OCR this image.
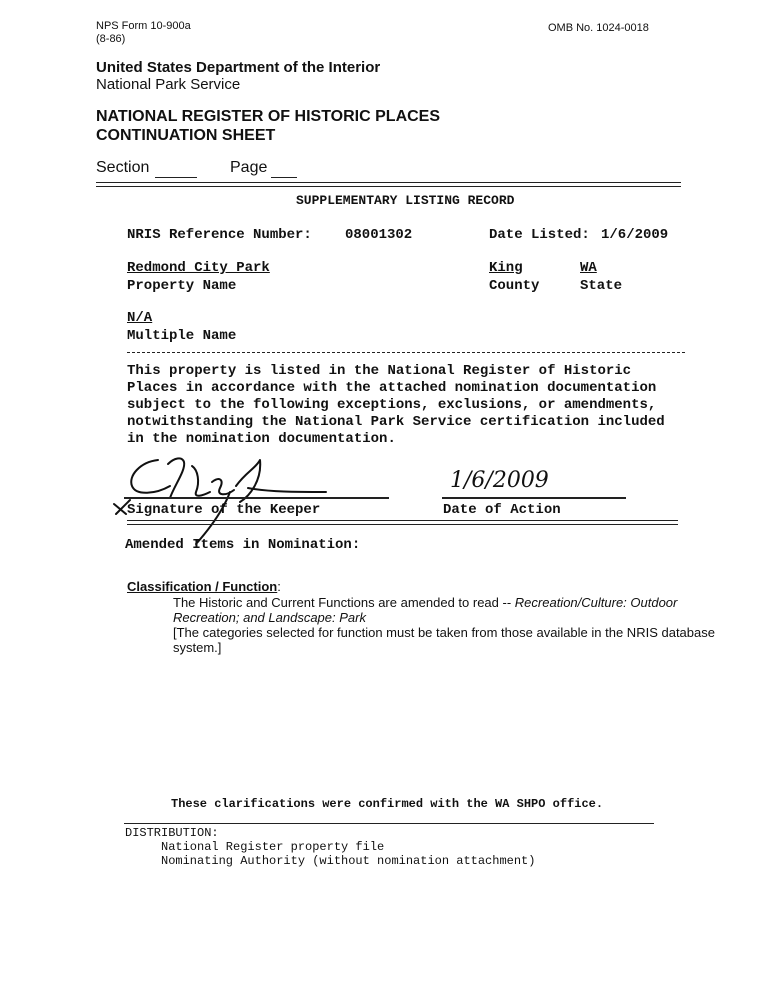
NPS Form 10-900a
(8-86)
OMB No. 1024-0018
United States Department of the Interior
National Park Service
NATIONAL REGISTER OF HISTORIC PLACES
CONTINUATION SHEET
Section	Page
SUPPLEMENTARY LISTING RECORD
NRIS Reference Number: 08001302	Date Listed: 1/6/2009
Redmond City Park
Property Name
King
County
WA
State
N/A
Multiple Name
This property is listed in the National Register of Historic
Places in accordance with the attached nomination documentation
subject to the following exceptions, exclusions, or amendments,
notwithstanding the National Park Service certification included
in the nomination documentation.
Signature of the Keeper
1/6/2009
Date of Action
Amended Items in Nomination:
Classification / Function:
The Historic and Current Functions are amended to read -- Recreation/Culture: Outdoor
Recreation; and Landscape: Park
[The categories selected for function must be taken from those available in the NRIS database
system.]
These clarifications were confirmed with the WA SHPO office.
DISTRIBUTION:
National Register property file
Nominating Authority (without nomination attachment)
